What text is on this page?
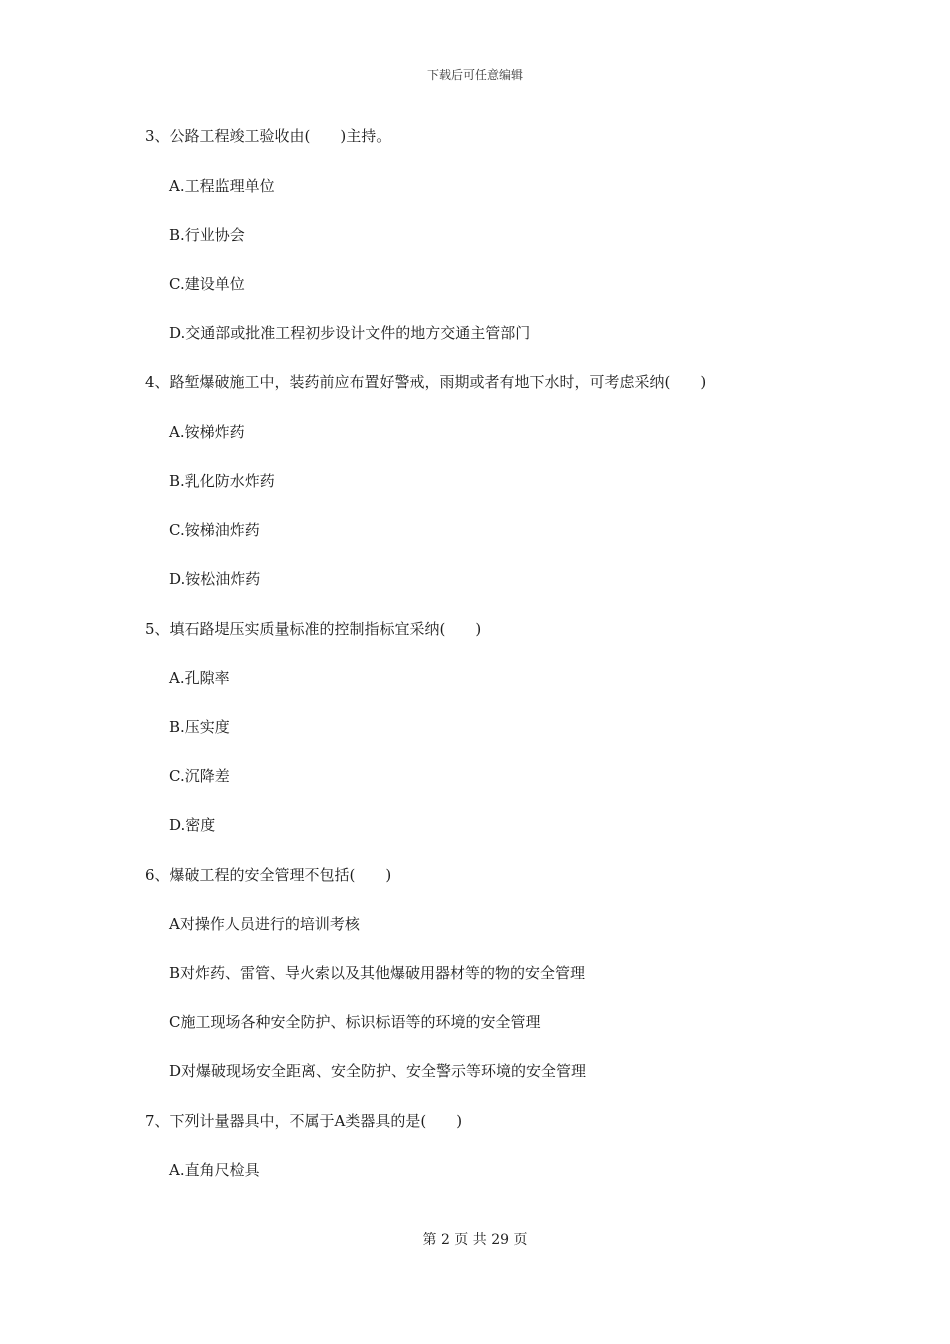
下载后可任意编辑
3、公路工程竣工验收由(　　)主持。
A.工程监理单位
B.行业协会
C.建设单位
D.交通部或批准工程初步设计文件的地方交通主管部门
4、路堑爆破施工中，装药前应布置好警戒，雨期或者有地下水时，可考虑采纳(　　)
A.铵梯炸药
B.乳化防水炸药
C.铵梯油炸药
D.铵松油炸药
5、填石路堤压实质量标准的控制指标宜采纳(　　)
A.孔隙率
B.压实度
C.沉降差
D.密度
6、爆破工程的安全管理不包括(　　)
A对操作人员进行的培训考核
B对炸药、雷管、导火索以及其他爆破用器材等的物的安全管理
C施工现场各种安全防护、标识标语等的环境的安全管理
D对爆破现场安全距离、安全防护、安全警示等环境的安全管理
7、下列计量器具中，不属于A类器具的是(　　)
A.直角尺检具
第 2 页 共 29 页
